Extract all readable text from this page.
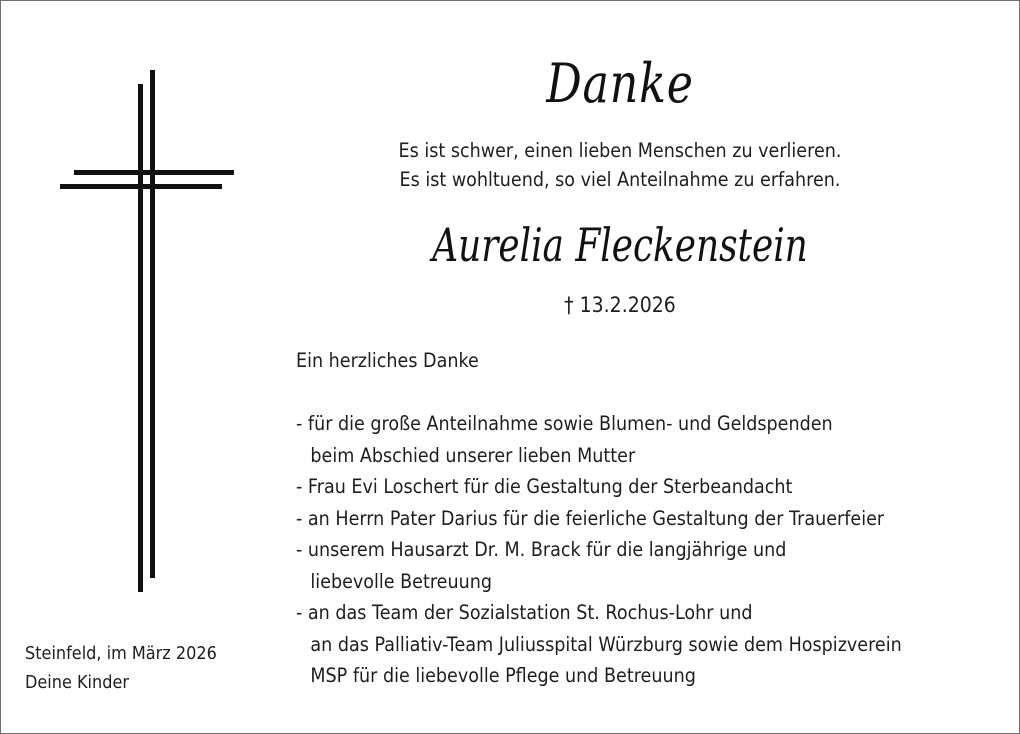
Danke
Es ist schwer, einen lieben Menschen zu verlieren.
Es ist wohltuend, so viel Anteilnahme zu erfahren.
Aurelia Fleckenstein
† 13.2.2026
Ein herzliches Danke
- für die große Anteilnahme sowie Blumen- und Geldspenden
beim Abschied unserer lieben Mutter
- Frau Evi Loschert für die Gestaltung der Sterbeandacht
- an Herrn Pater Darius für die feierliche Gestaltung der Trauerfeier
- unserem Hausarzt Dr. M. Brack für die langjährige und
liebevolle Betreuung
- an das Team der Sozialstation St. Rochus-Lohr und
an das Palliativ-Team Juliusspital Würzburg sowie dem Hospizverein
MSP für die liebevolle Pflege und Betreuung
Steinfeld, im März 2026
Deine Kinder
